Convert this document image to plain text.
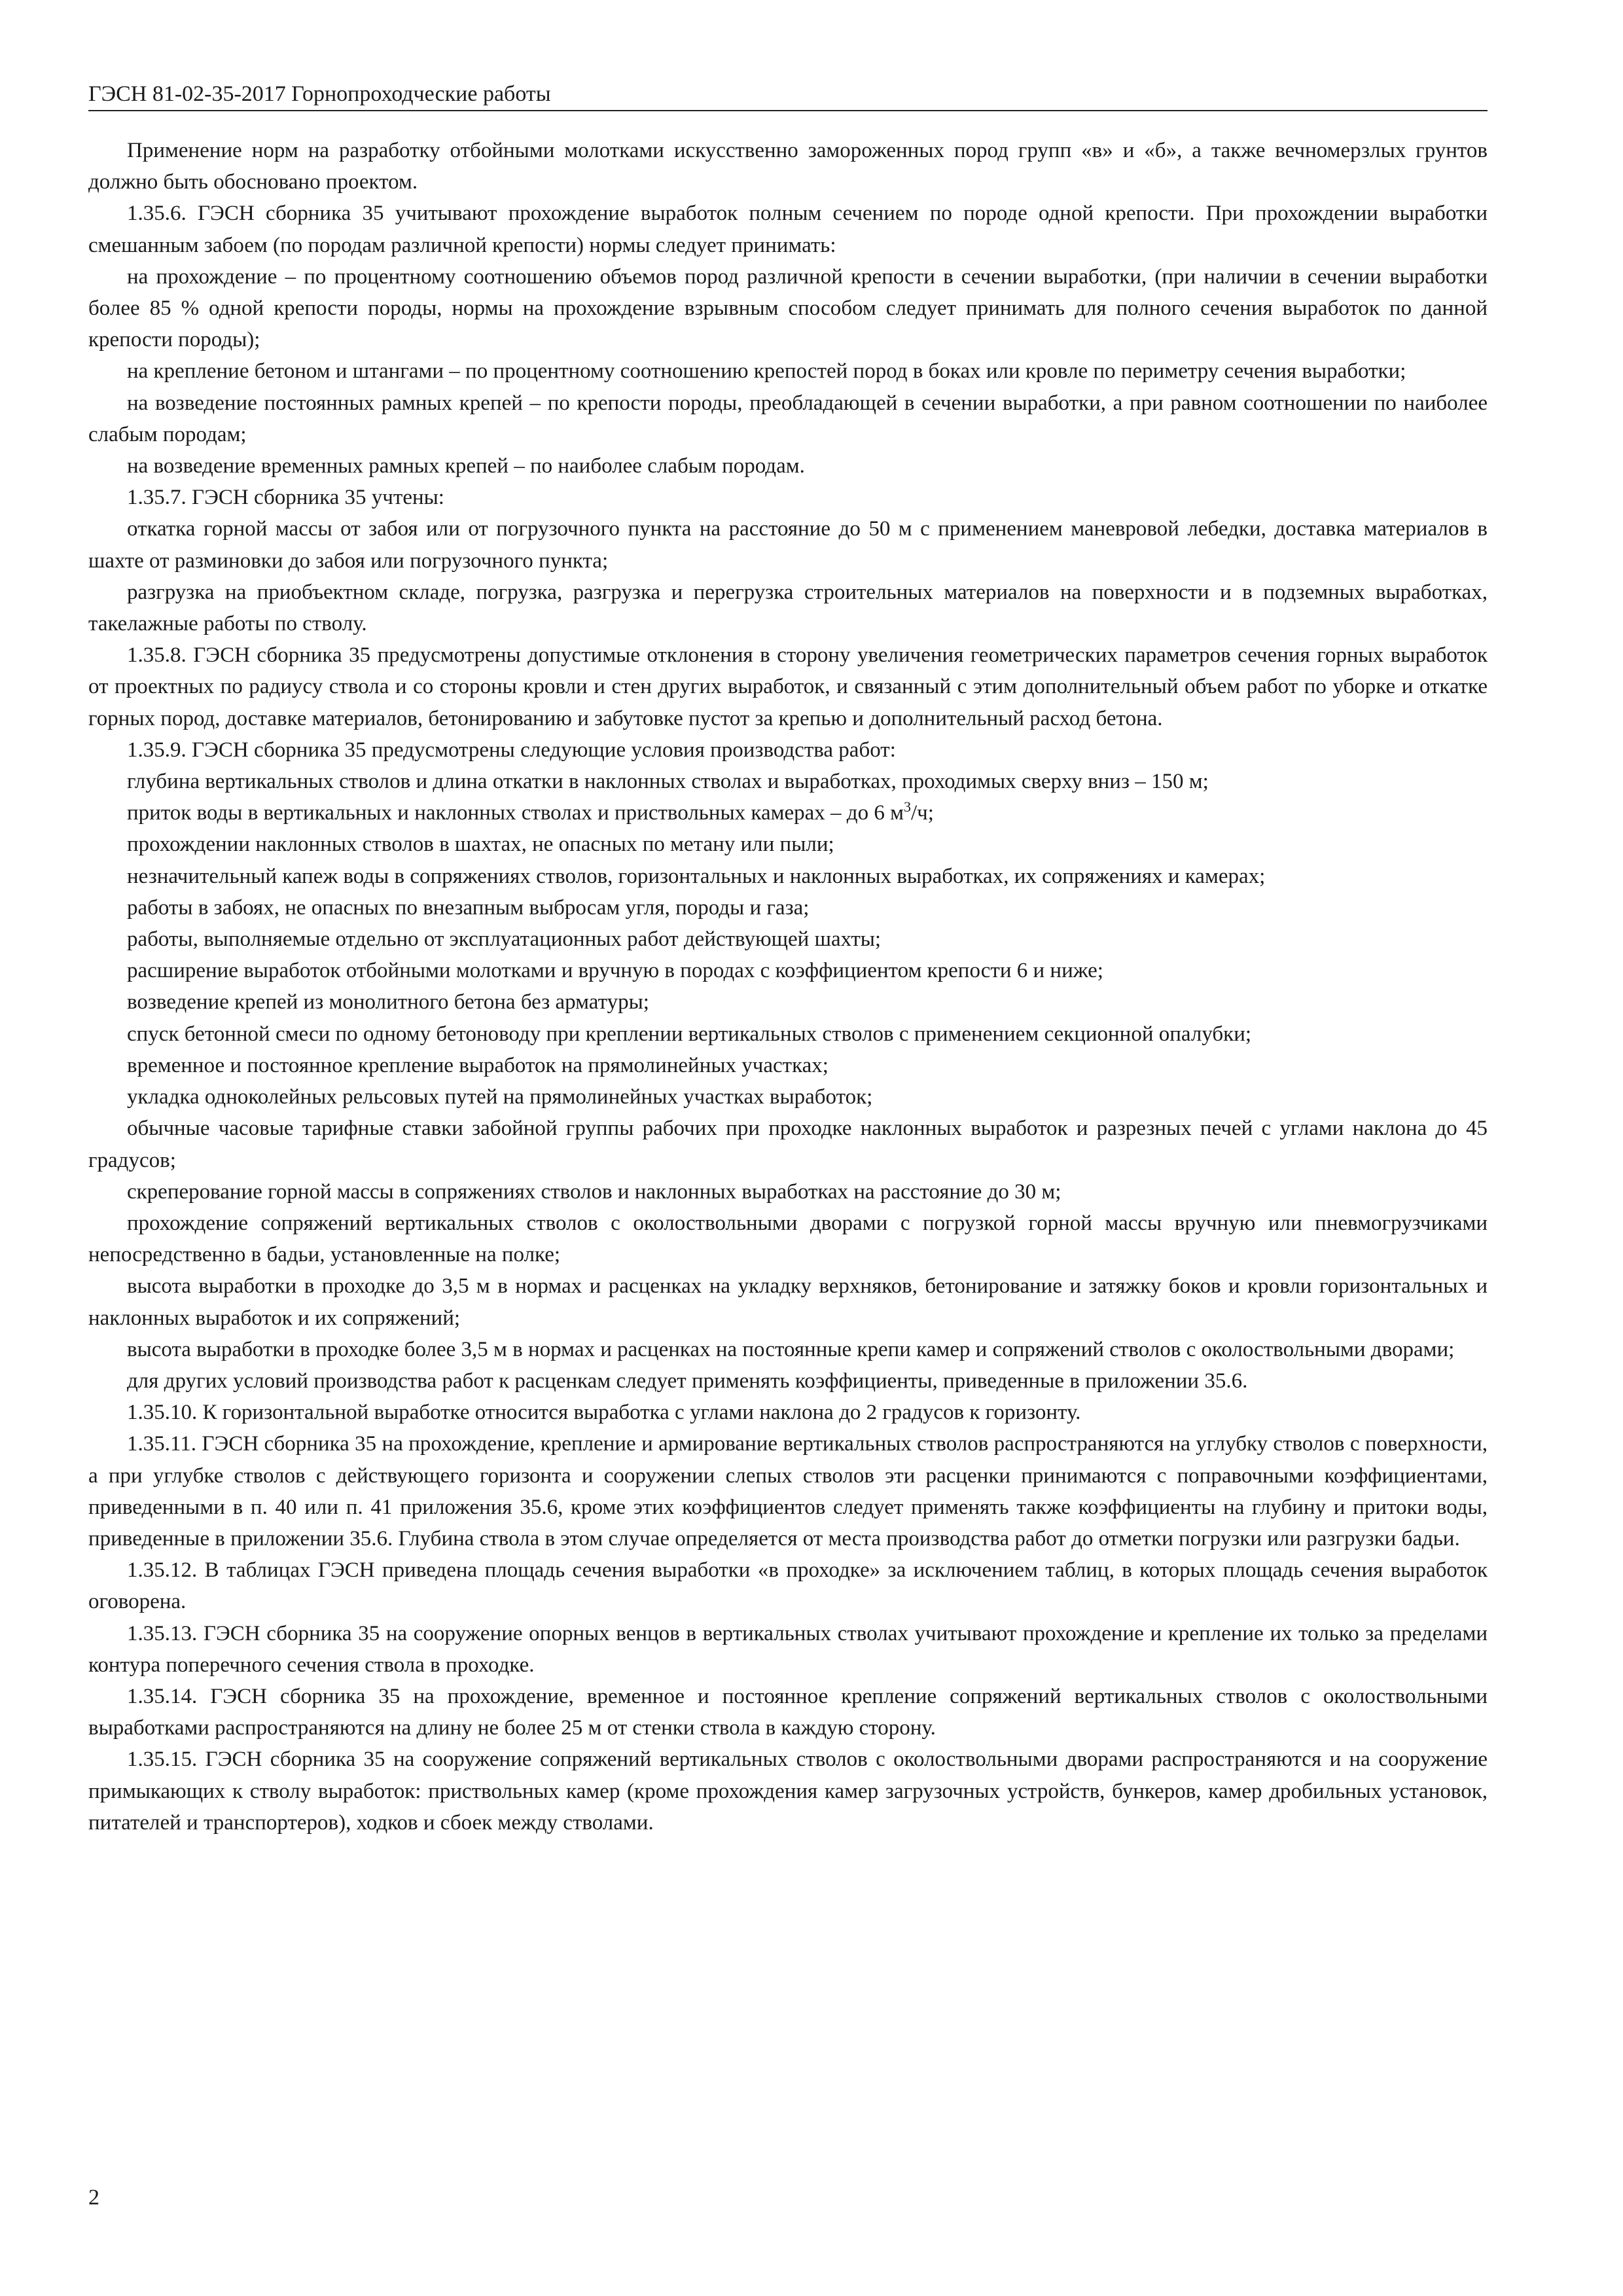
ГЭСН 81-02-35-2017 Горнопроходческие работы

Применение норм на разработку отбойными молотками искусственно замороженных пород групп «в» и «б», а также вечномерзлых грунтов должно быть обосновано проектом.

1.35.6. ГЭСН сборника 35 учитывают прохождение выработок полным сечением по породе одной крепости. При прохождении выработки смешанным забоем (по породам различной крепости) нормы следует принимать:

на прохождение – по процентному соотношению объемов пород различной крепости в сечении выработки, (при наличии в сечении выработки более 85 % одной крепости породы, нормы на прохождение взрывным способом следует принимать для полного сечения выработок по данной крепости породы);

на крепление бетоном и штангами – по процентному соотношению крепостей пород в боках или кровле по периметру сечения выработки;

на возведение постоянных рамных крепей – по крепости породы, преобладающей в сечении выработки, а при равном соотношении по наиболее слабым породам;

на возведение временных рамных крепей – по наиболее слабым породам.

1.35.7. ГЭСН сборника 35 учтены:

откатка горной массы от забоя или от погрузочного пункта на расстояние до 50 м с применением маневровой лебедки, доставка материалов в шахте от разминовки до забоя или погрузочного пункта;

разгрузка на приобъектном складе, погрузка, разгрузка и перегрузка строительных материалов на поверхности и в подземных выработках, такелажные работы по стволу.

1.35.8. ГЭСН сборника 35 предусмотрены допустимые отклонения в сторону увеличения геометрических параметров сечения горных выработок от проектных по радиусу ствола и со стороны кровли и стен других выработок, и связанный с этим дополнительный объем работ по уборке и откатке горных пород, доставке материалов, бетонированию и забутовке пустот за крепью и дополнительный расход бетона.

1.35.9. ГЭСН сборника 35 предусмотрены следующие условия производства работ:

глубина вертикальных стволов и длина откатки в наклонных стволах и выработках, проходимых сверху вниз – 150 м;

приток воды в вертикальных и наклонных стволах и приствольных камерах – до 6 $м^3/ч$;

прохождении наклонных стволов в шахтах, не опасных по метану или пыли;

незначительный капеж воды в сопряжениях стволов, горизонтальных и наклонных выработках, их сопряжениях и камерах;

работы в забоях, не опасных по внезапным выбросам угля, породы и газа;

работы, выполняемые отдельно от эксплуатационных работ действующей шахты;

расширение выработок отбойными молотками и вручную в породах с коэффициентом крепости 6 и ниже;

возведение крепей из монолитного бетона без арматуры;

спуск бетонной смеси по одному бетоноводу при креплении вертикальных стволов с применением секционной опалубки;

временное и постоянное крепление выработок на прямолинейных участках;

укладка одноколейных рельсовых путей на прямолинейных участках выработок;

обычные часовые тарифные ставки забойной группы рабочих при проходке наклонных выработок и разрезных печей с углами наклона до 45 градусов;

скреперование горной массы в сопряжениях стволов и наклонных выработках на расстояние до 30 м;

прохождение сопряжений вертикальных стволов с околоствольными дворами с погрузкой горной массы вручную или пневмогрузчиками непосредственно в бадьи, установленные на полке;

высота выработки в проходке до 3,5 м в нормах и расценках на укладку верхняков, бетонирование и затяжку боков и кровли горизонтальных и наклонных выработок и их сопряжений;

высота выработки в проходке более 3,5 м в нормах и расценках на постоянные крепи камер и сопряжений стволов с околоствольными дворами;

для других условий производства работ к расценкам следует применять коэффициенты, приведенные в приложении 35.6.

1.35.10. К горизонтальной выработке относится выработка с углами наклона до 2 градусов к горизонту.

1.35.11. ГЭСН сборника 35 на прохождение, крепление и армирование вертикальных стволов распространяются на углубку стволов с поверхности, а при углубке стволов с действующего горизонта и сооружении слепых стволов эти расценки принимаются с поправочными коэффициентами, приведенными в п. 40 или п. 41 приложения 35.6, кроме этих коэффициентов следует применять также коэффициенты на глубину и притоки воды, приведенные в приложении 35.6. Глубина ствола в этом случае определяется от места производства работ до отметки погрузки или разгрузки бадьи.

1.35.12. В таблицах ГЭСН приведена площадь сечения выработки «в проходке» за исключением таблиц, в которых площадь сечения выработок оговорена.

1.35.13. ГЭСН сборника 35 на сооружение опорных венцов в вертикальных стволах учитывают прохождение и крепление их только за пределами контура поперечного сечения ствола в проходке.

1.35.14. ГЭСН сборника 35 на прохождение, временное и постоянное крепление сопряжений вертикальных стволов с околоствольными выработками распространяются на длину не более 25 м от стенки ствола в каждую сторону.

1.35.15. ГЭСН сборника 35 на сооружение сопряжений вертикальных стволов с околоствольными дворами распространяются и на сооружение примыкающих к стволу выработок: приствольных камер (кроме прохождения камер загрузочных устройств, бункеров, камер дробильных установок, питателей и транспортеров), ходков и сбоек между стволами.

2
